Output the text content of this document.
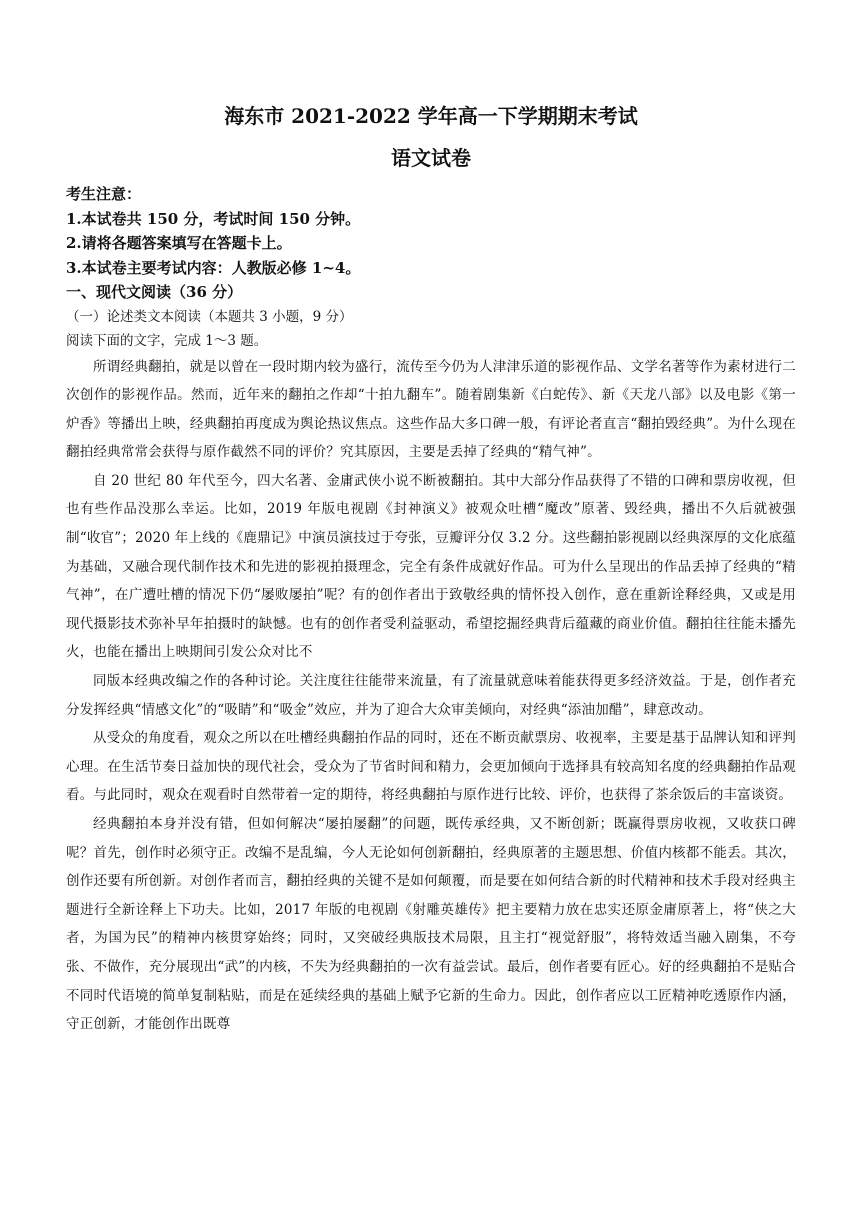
海东市 2021-2022 学年高一下学期期末考试
语文试卷

考生注意：

1.本试卷共 150 分，考试时间 150 分钟。

2.请将各题答案填写在答题卡上。

3.本试卷主要考试内容：人教版必修 1~4。

一、现代文阅读（36 分）

（一）论述类文本阅读（本题共 3 小题，9 分）

阅读下面的文字，完成 1～3 题。

所谓经典翻拍，就是以曾在一段时期内较为盛行，流传至今仍为人津津乐道的影视作品、文学名著等作为素材进行二次创作的影视作品。然而，近年来的翻拍之作却“十拍九翻车”。随着剧集新《白蛇传》、新《天龙八部》以及电影《第一炉香》等播出上映，经典翻拍再度成为舆论热议焦点。这些作品大多口碑一般，有评论者直言“翻拍毁经典”。为什么现在翻拍经典常常会获得与原作截然不同的评价？究其原因，主要是丢掉了经典的“精气神”。

自 20 世纪 80 年代至今，四大名著、金庸武侠小说不断被翻拍。其中大部分作品获得了不错的口碑和票房收视，但也有些作品没那么幸运。比如，2019 年版电视剧《封神演义》被观众吐槽“魔改”原著、毁经典，播出不久后就被强制“收官”；2020 年上线的《鹿鼎记》中演员演技过于夸张，豆瓣评分仅 3.2 分。这些翻拍影视剧以经典深厚的文化底蕴为基础，又融合现代制作技术和先进的影视拍摄理念，完全有条件成就好作品。可为什么呈现出的作品丢掉了经典的“精气神”，在广遭吐槽的情况下仍“屡败屡拍”呢？有的创作者出于致敬经典的情怀投入创作，意在重新诠释经典，又或是用现代摄影技术弥补早年拍摄时的缺憾。也有的创作者受利益驱动，希望挖掘经典背后蕴藏的商业价值。翻拍往往能未播先火，也能在播出上映期间引发公众对比不

同版本经典改编之作的各种讨论。关注度往往能带来流量，有了流量就意味着能获得更多经济效益。于是，创作者充分发挥经典“情感文化”的“吸睛”和“吸金”效应，并为了迎合大众审美倾向，对经典“添油加醋”，肆意改动。

从受众的角度看，观众之所以在吐槽经典翻拍作品的同时，还在不断贡献票房、收视率，主要是基于品牌认知和评判心理。在生活节奏日益加快的现代社会，受众为了节省时间和精力，会更加倾向于选择具有较高知名度的经典翻拍作品观看。与此同时，观众在观看时自然带着一定的期待，将经典翻拍与原作进行比较、评价，也获得了茶余饭后的丰富谈资。

经典翻拍本身并没有错，但如何解决“屡拍屡翻”的问题，既传承经典，又不断创新；既赢得票房收视，又收获口碑呢？首先，创作时必须守正。改编不是乱编，今人无论如何创新翻拍，经典原著的主题思想、价值内核都不能丢。其次，创作还要有所创新。对创作者而言，翻拍经典的关键不是如何颠覆，而是要在如何结合新的时代精神和技术手段对经典主题进行全新诠释上下功夫。比如，2017 年版的电视剧《射雕英雄传》把主要精力放在忠实还原金庸原著上，将“侠之大者，为国为民”的精神内核贯穿始终；同时，又突破经典版技术局限，且主打“视觉舒服”，将特效适当融入剧集，不夸张、不做作，充分展现出“武”的内核，不失为经典翻拍的一次有益尝试。最后，创作者要有匠心。好的经典翻拍不是贴合不同时代语境的简单复制粘贴，而是在延续经典的基础上赋予它新的生命力。因此，创作者应以工匠精神吃透原作内涵，守正创新，才能创作出既尊
